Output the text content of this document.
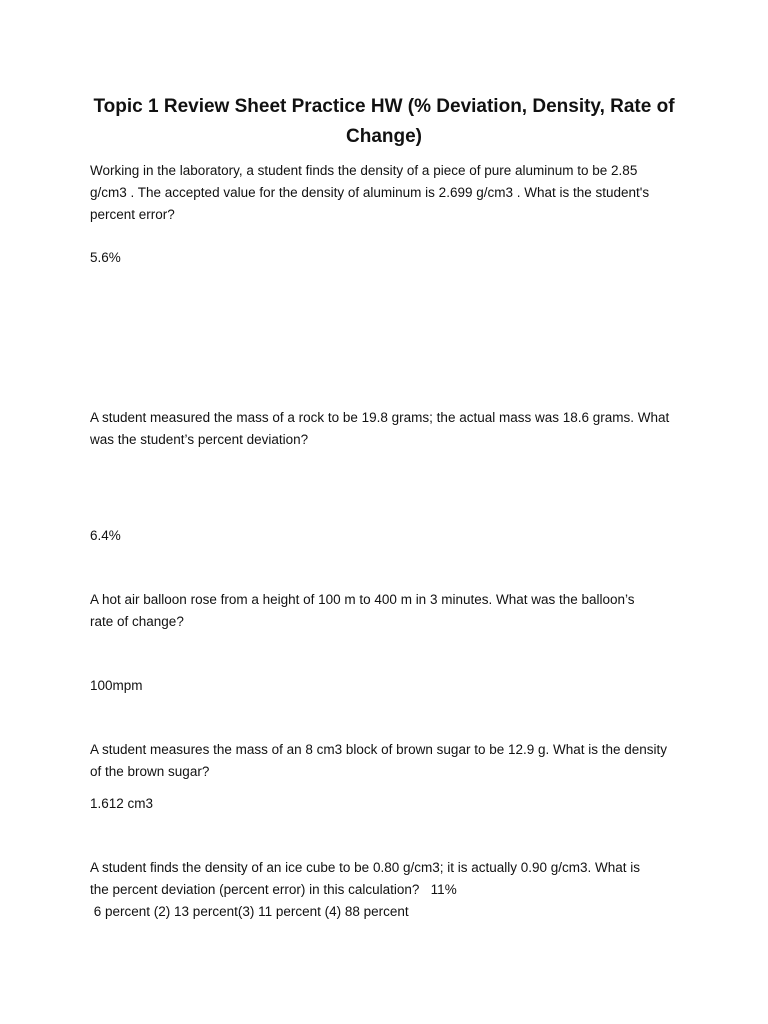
Topic 1 Review Sheet Practice HW (% Deviation, Density, Rate of
Change)

Working in the laboratory, a student finds the density of a piece of pure aluminum to be 2.85
g/cm3 . The accepted value for the density of aluminum is 2.699 g/cm3 . What is the student's
percent error?

5.6%

A student measured the mass of a rock to be 19.8 grams; the actual mass was 18.6 grams. What
was the student’s percent deviation?

6.4%

A hot air balloon rose from a height of 100 m to 400 m in 3 minutes. What was the balloon’s
rate of change?

100mpm

A student measures the mass of an 8 cm3 block of brown sugar to be 12.9 g. What is the density
of the brown sugar?

1.612 cm3

A student finds the density of an ice cube to be 0.80 g/cm3; it is actually 0.90 g/cm3. What is
the percent deviation (percent error) in this calculation?   11%
6 percent (2) 13 percent(3) 11 percent (4) 88 percent
